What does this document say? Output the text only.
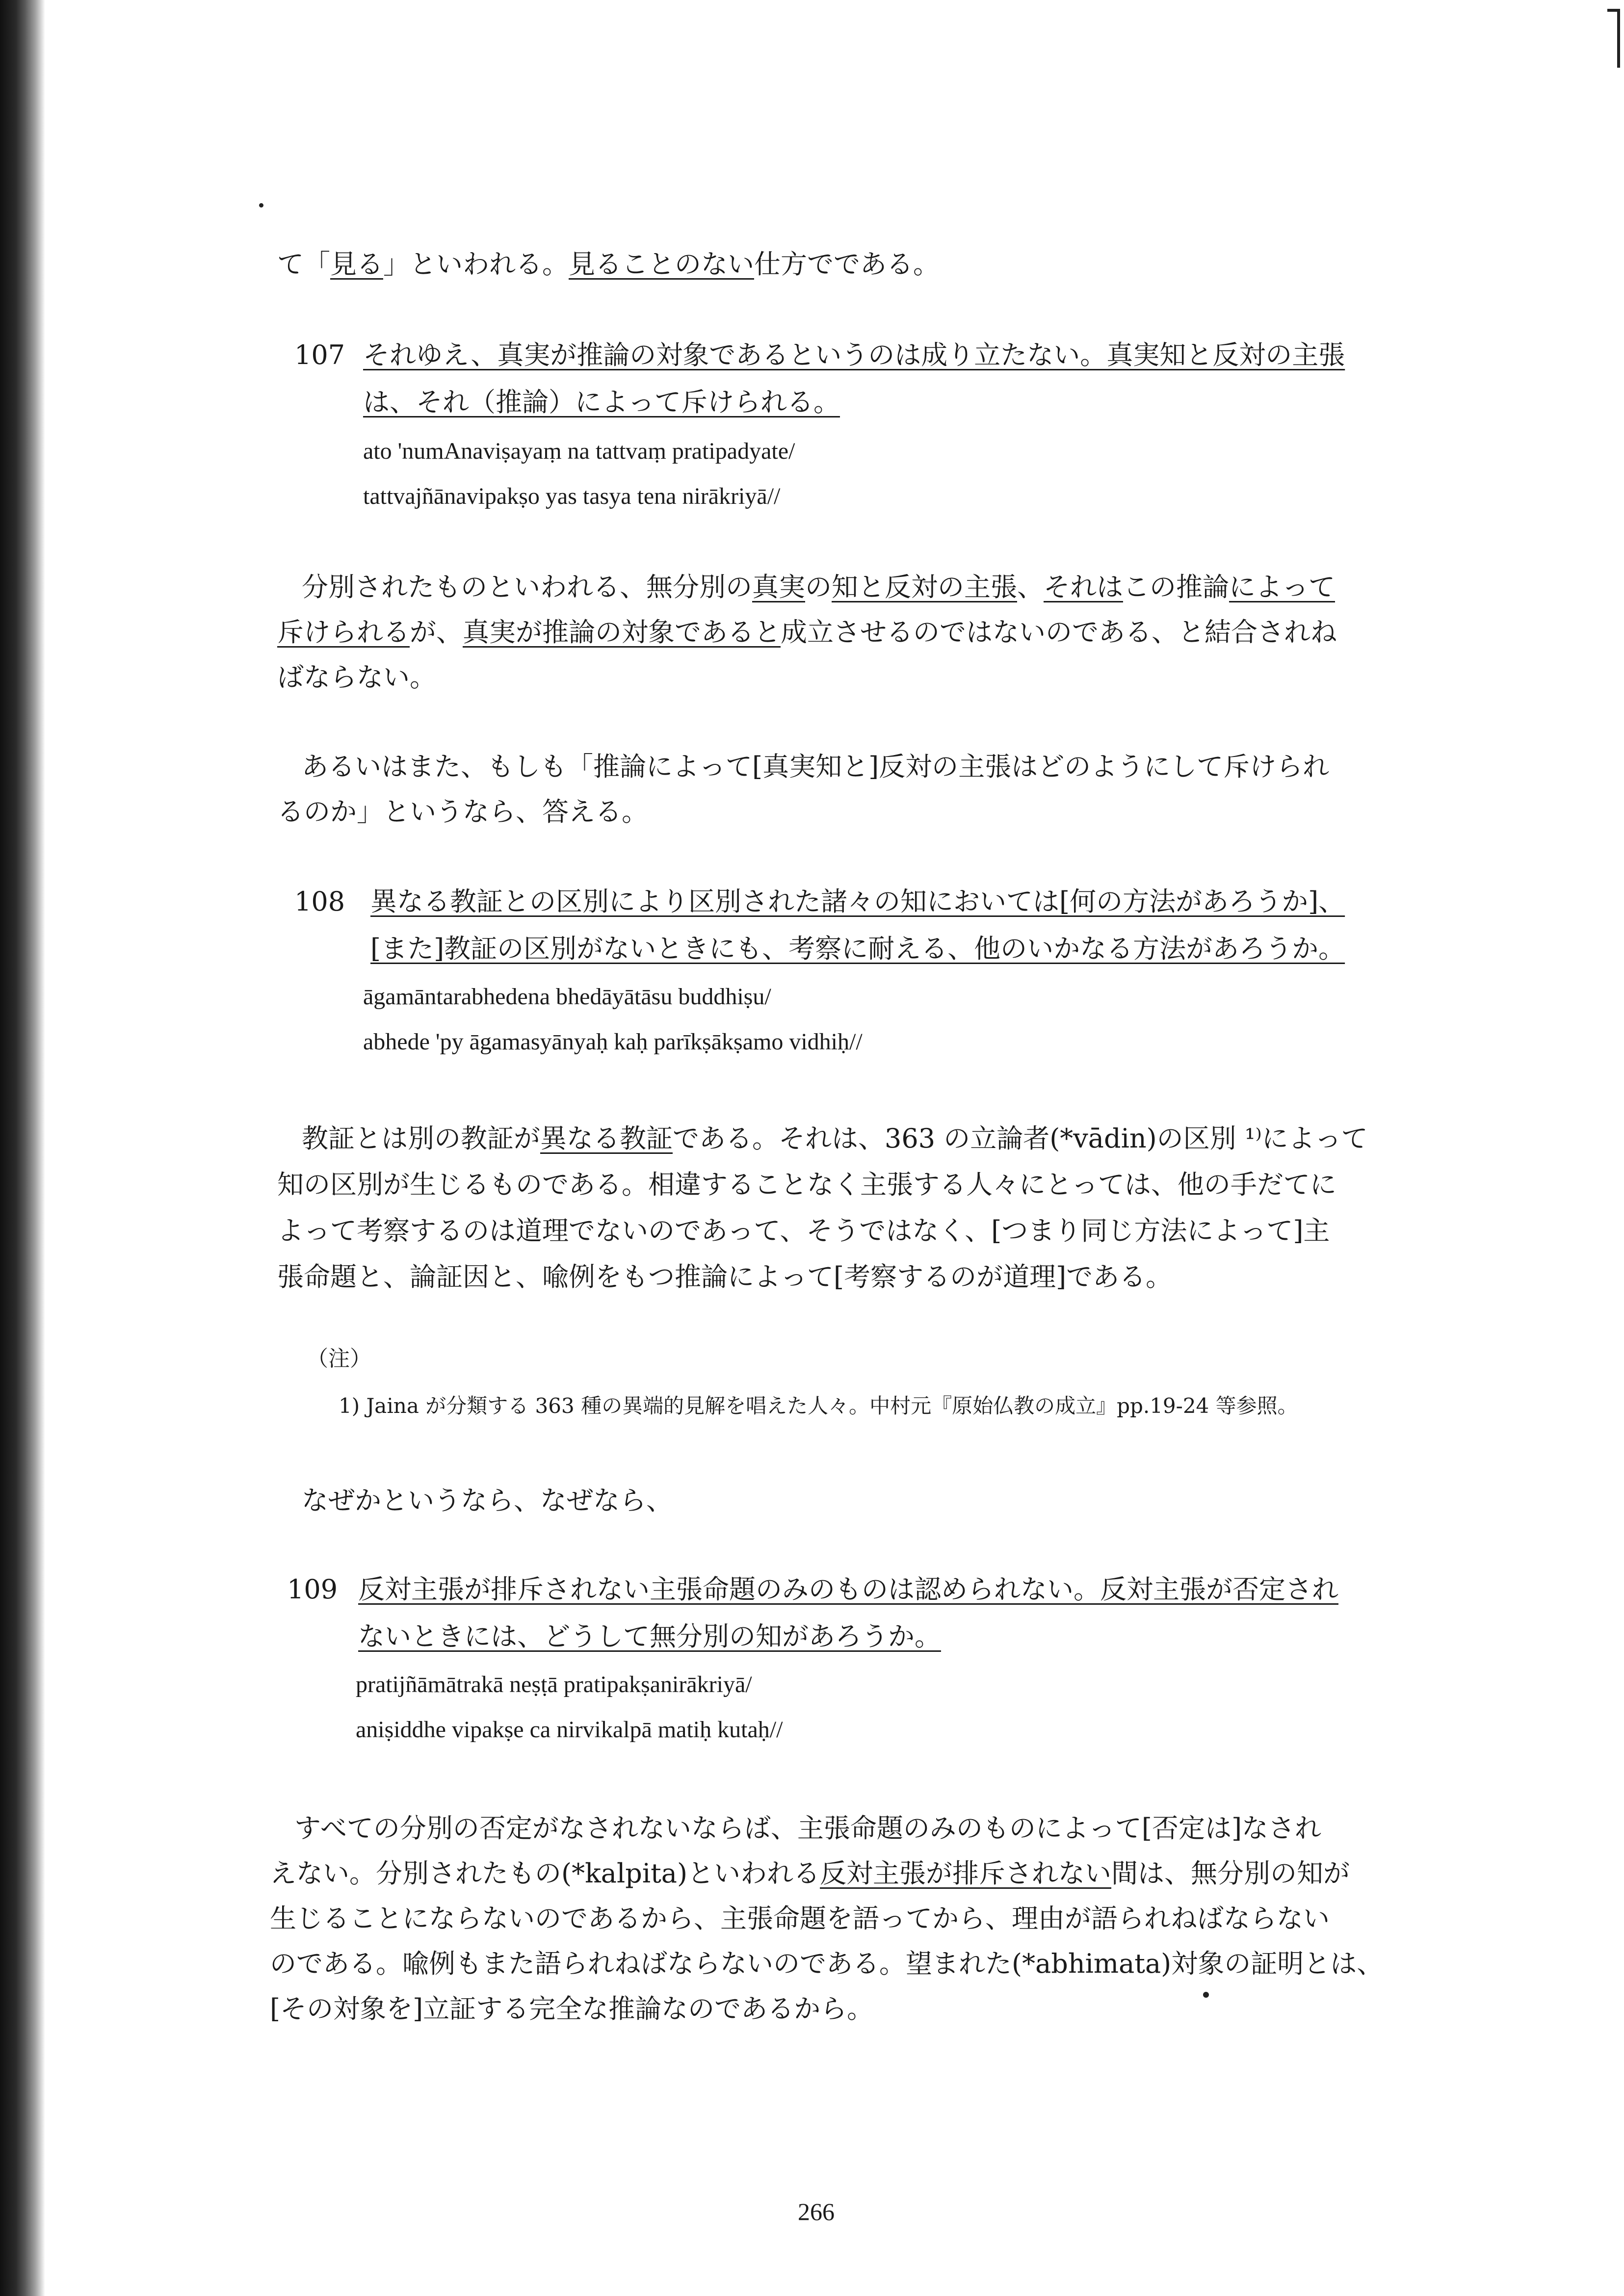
て「見る」といわれる。見ることのない仕方でである。

107 それゆえ、真実が推論の対象であるというのは成り立たない。真実知と反対の主張

は、それ（推論）によって斥けられる。

ato 'numAnaviṣayaṃ na tattvaṃ pratipadyate/

tattvajñānavipakṣo yas tasya tena nirākriyā//

分別されたものといわれる、無分別の真実の知と反対の主張、それはこの推論によって

斥けられるが、真実が推論の対象であると成立させるのではないのである、と結合されね

ばならない。

あるいはまた、もしも「推論によって[真実知と]反対の主張はどのようにして斥けられ

るのか」というなら、答える。

108 異なる教証との区別により区別された諸々の知においては[何の方法があろうか]、

[また]教証の区別がないときにも、考察に耐える、他のいかなる方法があろうか。

āgamāntarabhedena bhedāyātāsu buddhiṣu/

abhede 'py āgamasyānyaḥ kaḥ parīkṣākṣamo vidhiḥ//

教証とは別の教証が異なる教証である。それは、363 の立論者(*vādin)の区別 ¹⁾によって

知の区別が生じるものである。相違することなく主張する人々にとっては、他の手だてに

よって考察するのは道理でないのであって、そうではなく、[つまり同じ方法によって]主

張命題と、論証因と、喩例をもつ推論によって[考察するのが道理]である。

（注）

1) Jaina が分類する 363 種の異端的見解を唱えた人々。中村元『原始仏教の成立』pp.19-24 等参照。

なぜかというなら、なぜなら、

109 反対主張が排斥されない主張命題のみのものは認められない。反対主張が否定され

ないときには、どうして無分別の知があろうか。

pratijñāmātrakā neṣṭā pratipakṣanirākriyā/

aniṣiddhe vipakṣe ca nirvikalpā matiḥ kutaḥ//

すべての分別の否定がなされないならば、主張命題のみのものによって[否定は]なされ

えない。分別されたもの(*kalpita)といわれる反対主張が排斥されない間は、無分別の知が

生じることにならないのであるから、主張命題を語ってから、理由が語られねばならない

のである。喩例もまた語られねばならないのである。望まれた(*abhimata)対象の証明とは、

[その対象を]立証する完全な推論なのであるから。

266
